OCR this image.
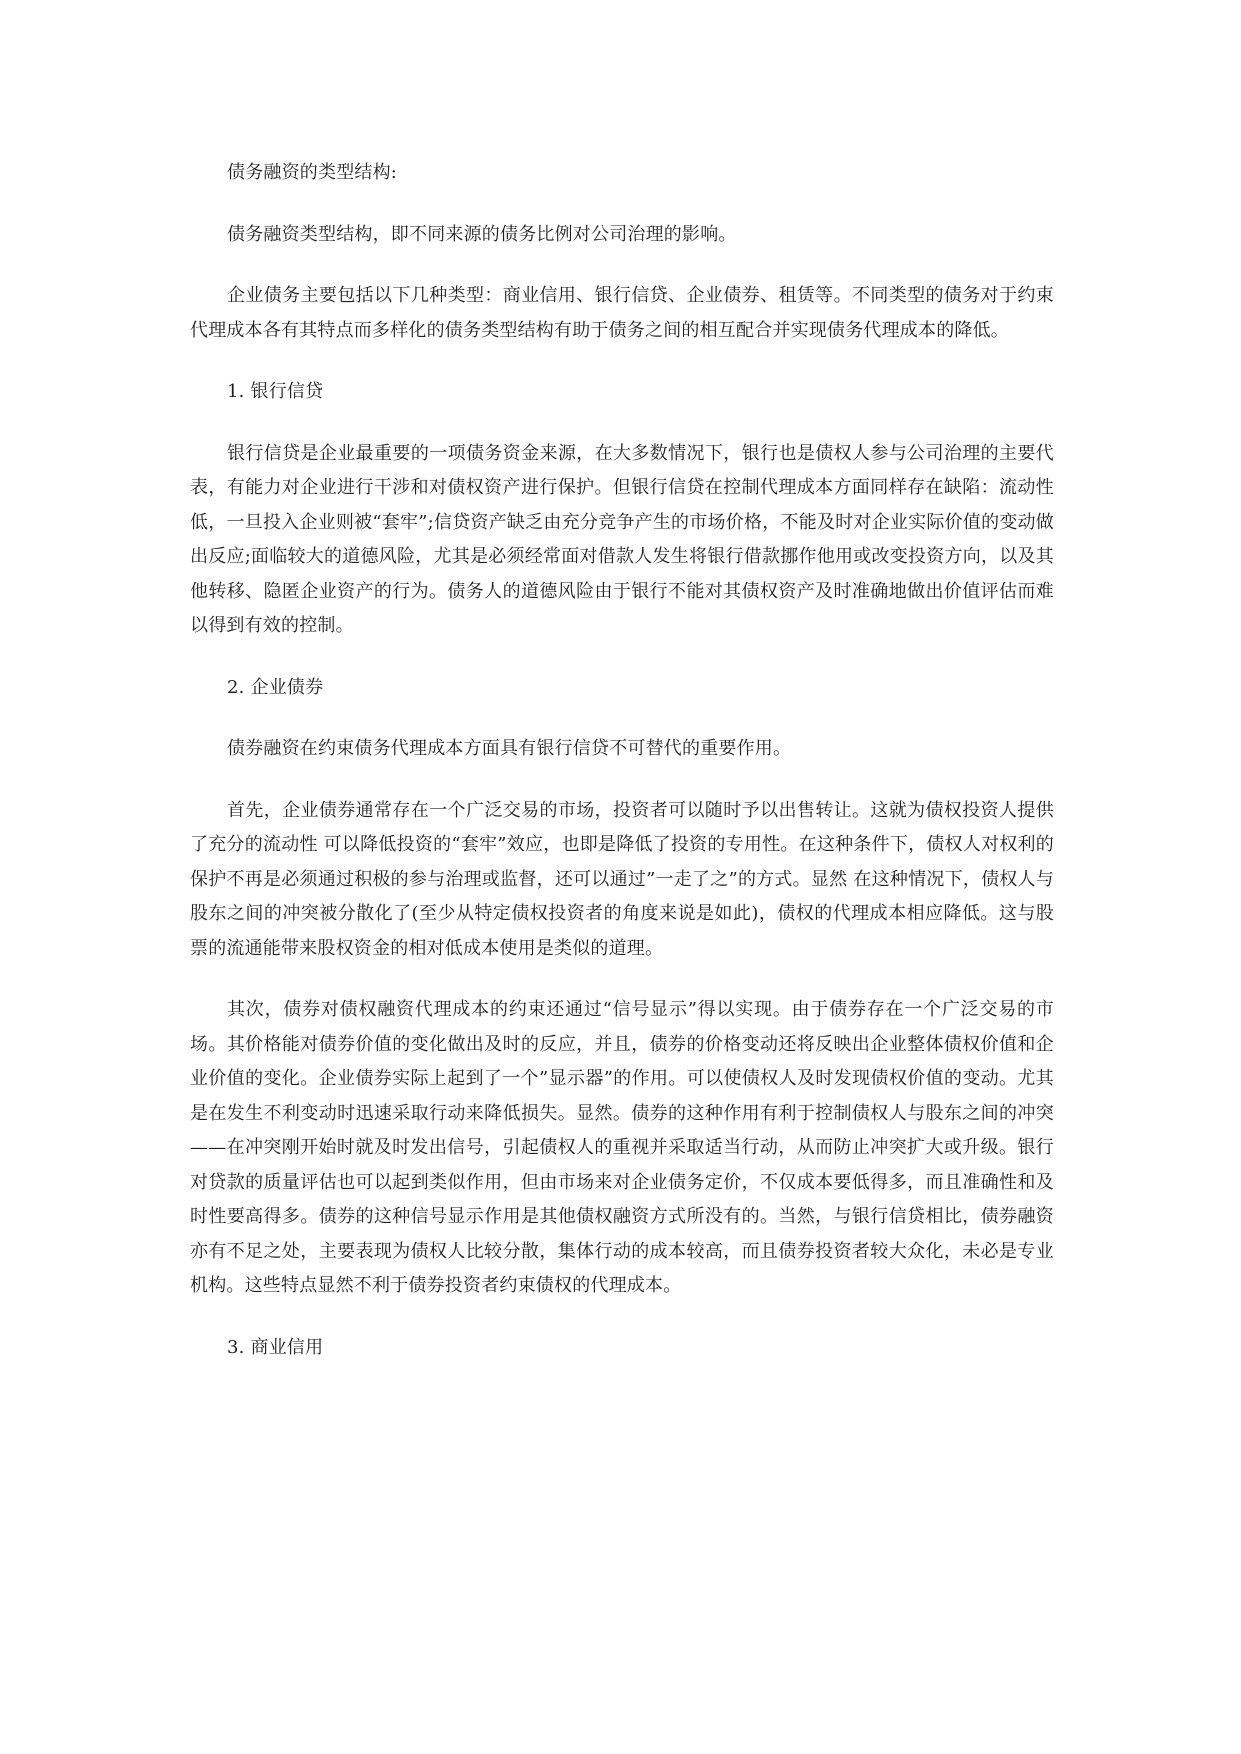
债务融资的类型结构:

债务融资类型结构，即不同来源的债务比例对公司治理的影响。

企业债务主要包括以下几种类型：商业信用、银行信贷、企业债券、租赁等。不同类型的债务对于约束代理成本各有其特点而多样化的债务类型结构有助于债务之间的相互配合并实现债务代理成本的降低。

1. 银行信贷

银行信贷是企业最重要的一项债务资金来源，在大多数情况下，银行也是债权人参与公司治理的主要代表，有能力对企业进行干涉和对债权资产进行保护。但银行信贷在控制代理成本方面同样存在缺陷：流动性低，一旦投入企业则被“套牢”;信贷资产缺乏由充分竞争产生的市场价格，不能及时对企业实际价值的变动做出反应;面临较大的道德风险，尤其是必须经常面对借款人发生将银行借款挪作他用或改变投资方向，以及其他转移、隐匿企业资产的行为。债务人的道德风险由于银行不能对其债权资产及时准确地做出价值评估而难以得到有效的控制。

2. 企业债券

债券融资在约束债务代理成本方面具有银行信贷不可替代的重要作用。

首先，企业债券通常存在一个广泛交易的市场，投资者可以随时予以出售转让。这就为债权投资人提供了充分的流动性 可以降低投资的“套牢”效应，也即是降低了投资的专用性。在这种条件下，债权人对权利的保护不再是必须通过积极的参与治理或监督，还可以通过”一走了之”的方式。显然 在这种情况下，债权人与股东之间的冲突被分散化了(至少从特定债权投资者的角度来说是如此)，债权的代理成本相应降低。这与股票的流通能带来股权资金的相对低成本使用是类似的道理。

其次，债券对债权融资代理成本的约束还通过“信号显示”得以实现。由于债券存在一个广泛交易的市场。其价格能对债券价值的变化做出及时的反应，并且，债券的价格变动还将反映出企业整体债权价值和企业价值的变化。企业债券实际上起到了一个”显示器”的作用。可以使债权人及时发现债权价值的变动。尤其是在发生不利变动时迅速采取行动来降低损失。显然。债券的这种作用有利于控制债权人与股东之间的冲突——在冲突刚开始时就及时发出信号，引起债权人的重视并采取适当行动，从而防止冲突扩大或升级。银行对贷款的质量评估也可以起到类似作用，但由市场来对企业债务定价，不仅成本要低得多，而且准确性和及时性要高得多。债券的这种信号显示作用是其他债权融资方式所没有的。当然，与银行信贷相比，债券融资亦有不足之处，主要表现为债权人比较分散，集体行动的成本较高，而且债券投资者较大众化，未必是专业机构。这些特点显然不利于债券投资者约束债权的代理成本。

3. 商业信用
